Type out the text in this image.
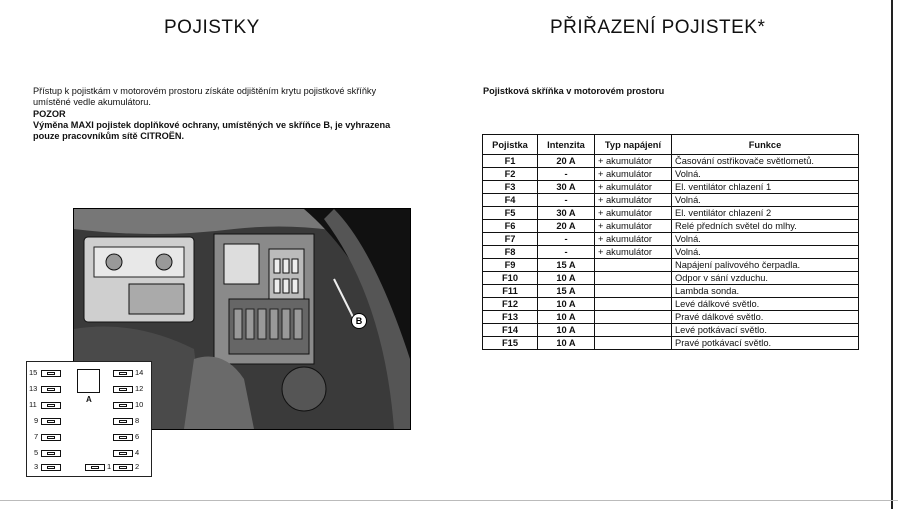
POJISTKY

Přístup k pojistkám v motorovém prostoru získáte odjištěním krytu pojistkové skříňky umístěné vedle akumulátoru.

POZOR

Výměna MAXI pojistek doplňkové ochrany, umístěných ve skříňce B, je vyhrazena pouze pracovníkům sítě CITROËN.

B
A
15
13
11
9
7
5
3	1
14
12
10
8
6
4
2
PŘIŘAZENÍ POJISTEK*
Pojistková skříňka v motorovém prostoru
Pojistka	Intenzita	Typ napájení	Funkce
F1	20 A	+ akumulátor	Časování ostřikovače světlometů.
F2	-	+ akumulátor	Volná.
F3	30 A	+ akumulátor	El. ventilátor chlazení 1
F4	-	+ akumulátor	Volná.
F5	30 A	+ akumulátor	El. ventilátor chlazení 2
F6	20 A	+ akumulátor	Relé předních světel do mlhy.
F7	-	+ akumulátor	Volná.
F8	-	+ akumulátor	Volná.
F9	15 A		Napájení palivového čerpadla.
F10	10 A		Odpor v sání vzduchu.
F11	15 A		Lambda sonda.
F12	10 A		Levé dálkové světlo.
F13	10 A		Pravé dálkové světlo.
F14	10 A		Levé potkávací světlo.
F15	10 A		Pravé potkávací světlo.
